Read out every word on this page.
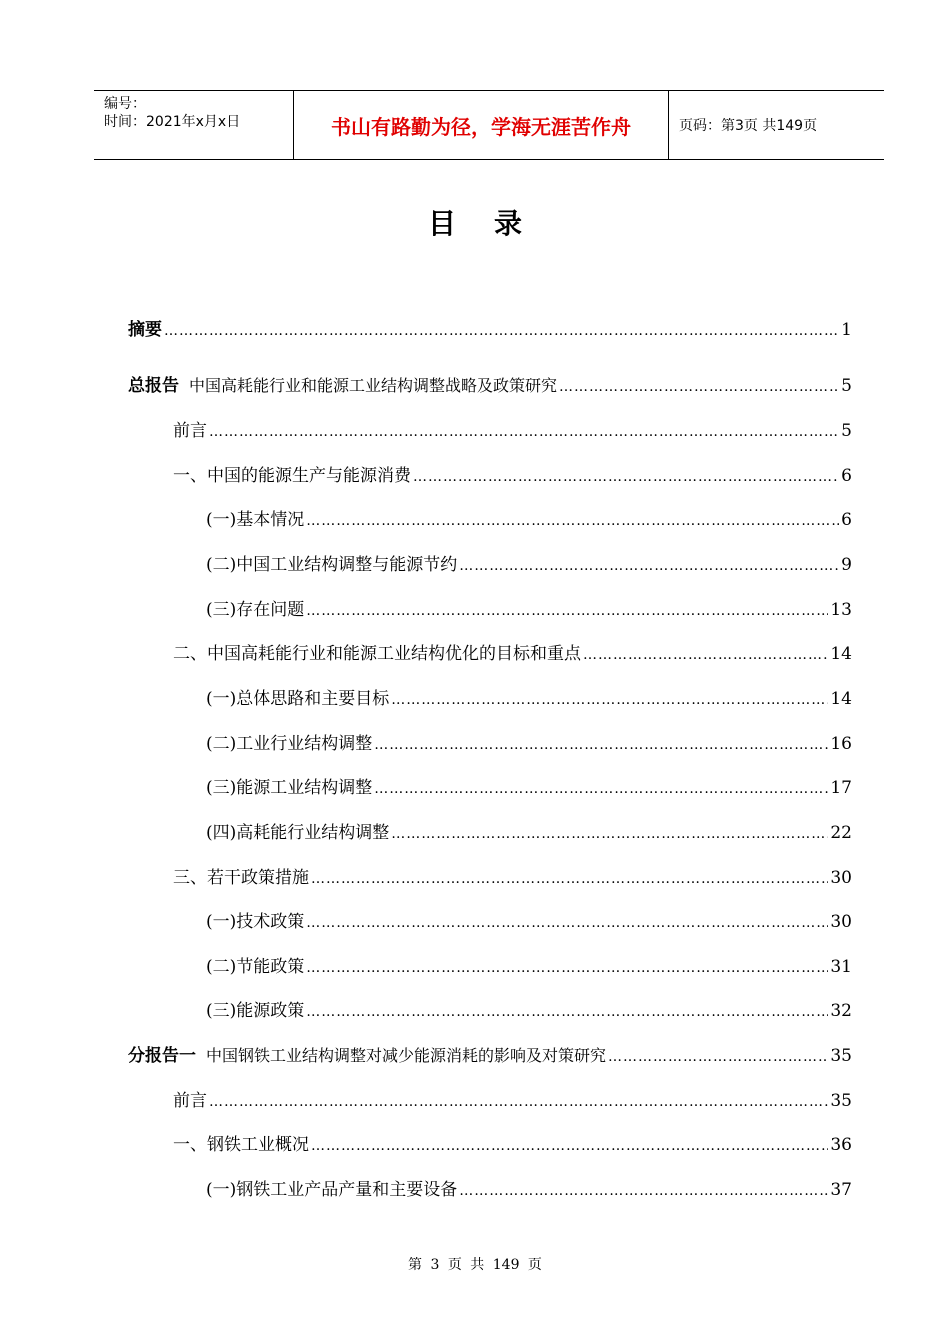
编号：
时间：2021年x月x日	书山有路勤为径，学海无涯苦作舟	页码：第3页 共149页
目录
摘要 …………………………………………………………………………………………………………………………………………………………………………………………………………	1
总报告 中国高耗能行业和能源工业结构调整战略及政策研究 …………………………………………………………………………………………………………………………………………………………………………………………………………	5
前言 …………………………………………………………………………………………………………………………………………………………………………………………………………	5
一、中国的能源生产与能源消费 …………………………………………………………………………………………………………………………………………………………………………………………………………	6
(一)基本情况 …………………………………………………………………………………………………………………………………………………………………………………………………………	6
(二)中国工业结构调整与能源节约 …………………………………………………………………………………………………………………………………………………………………………………………………………	9
(三)存在问题 …………………………………………………………………………………………………………………………………………………………………………………………………………	13
二、中国高耗能行业和能源工业结构优化的目标和重点 …………………………………………………………………………………………………………………………………………………………………………………………………………	14
(一)总体思路和主要目标 …………………………………………………………………………………………………………………………………………………………………………………………………………	14
(二)工业行业结构调整 …………………………………………………………………………………………………………………………………………………………………………………………………………	16
(三)能源工业结构调整 …………………………………………………………………………………………………………………………………………………………………………………………………………	17
(四)高耗能行业结构调整 …………………………………………………………………………………………………………………………………………………………………………………………………………	22
三、若干政策措施 …………………………………………………………………………………………………………………………………………………………………………………………………………	30
(一)技术政策 …………………………………………………………………………………………………………………………………………………………………………………………………………	30
(二)节能政策 …………………………………………………………………………………………………………………………………………………………………………………………………………	31
(三)能源政策 …………………………………………………………………………………………………………………………………………………………………………………………………………	32
分报告一 中国钢铁工业结构调整对减少能源消耗的影响及对策研究 …………………………………………………………………………………………………………………………………………………………………………………………………………	35
前言 …………………………………………………………………………………………………………………………………………………………………………………………………………	35
一、钢铁工业概况 …………………………………………………………………………………………………………………………………………………………………………………………………………	36
(一)钢铁工业产品产量和主要设备 …………………………………………………………………………………………………………………………………………………………………………………………………………	37
第 3 页 共 149 页
